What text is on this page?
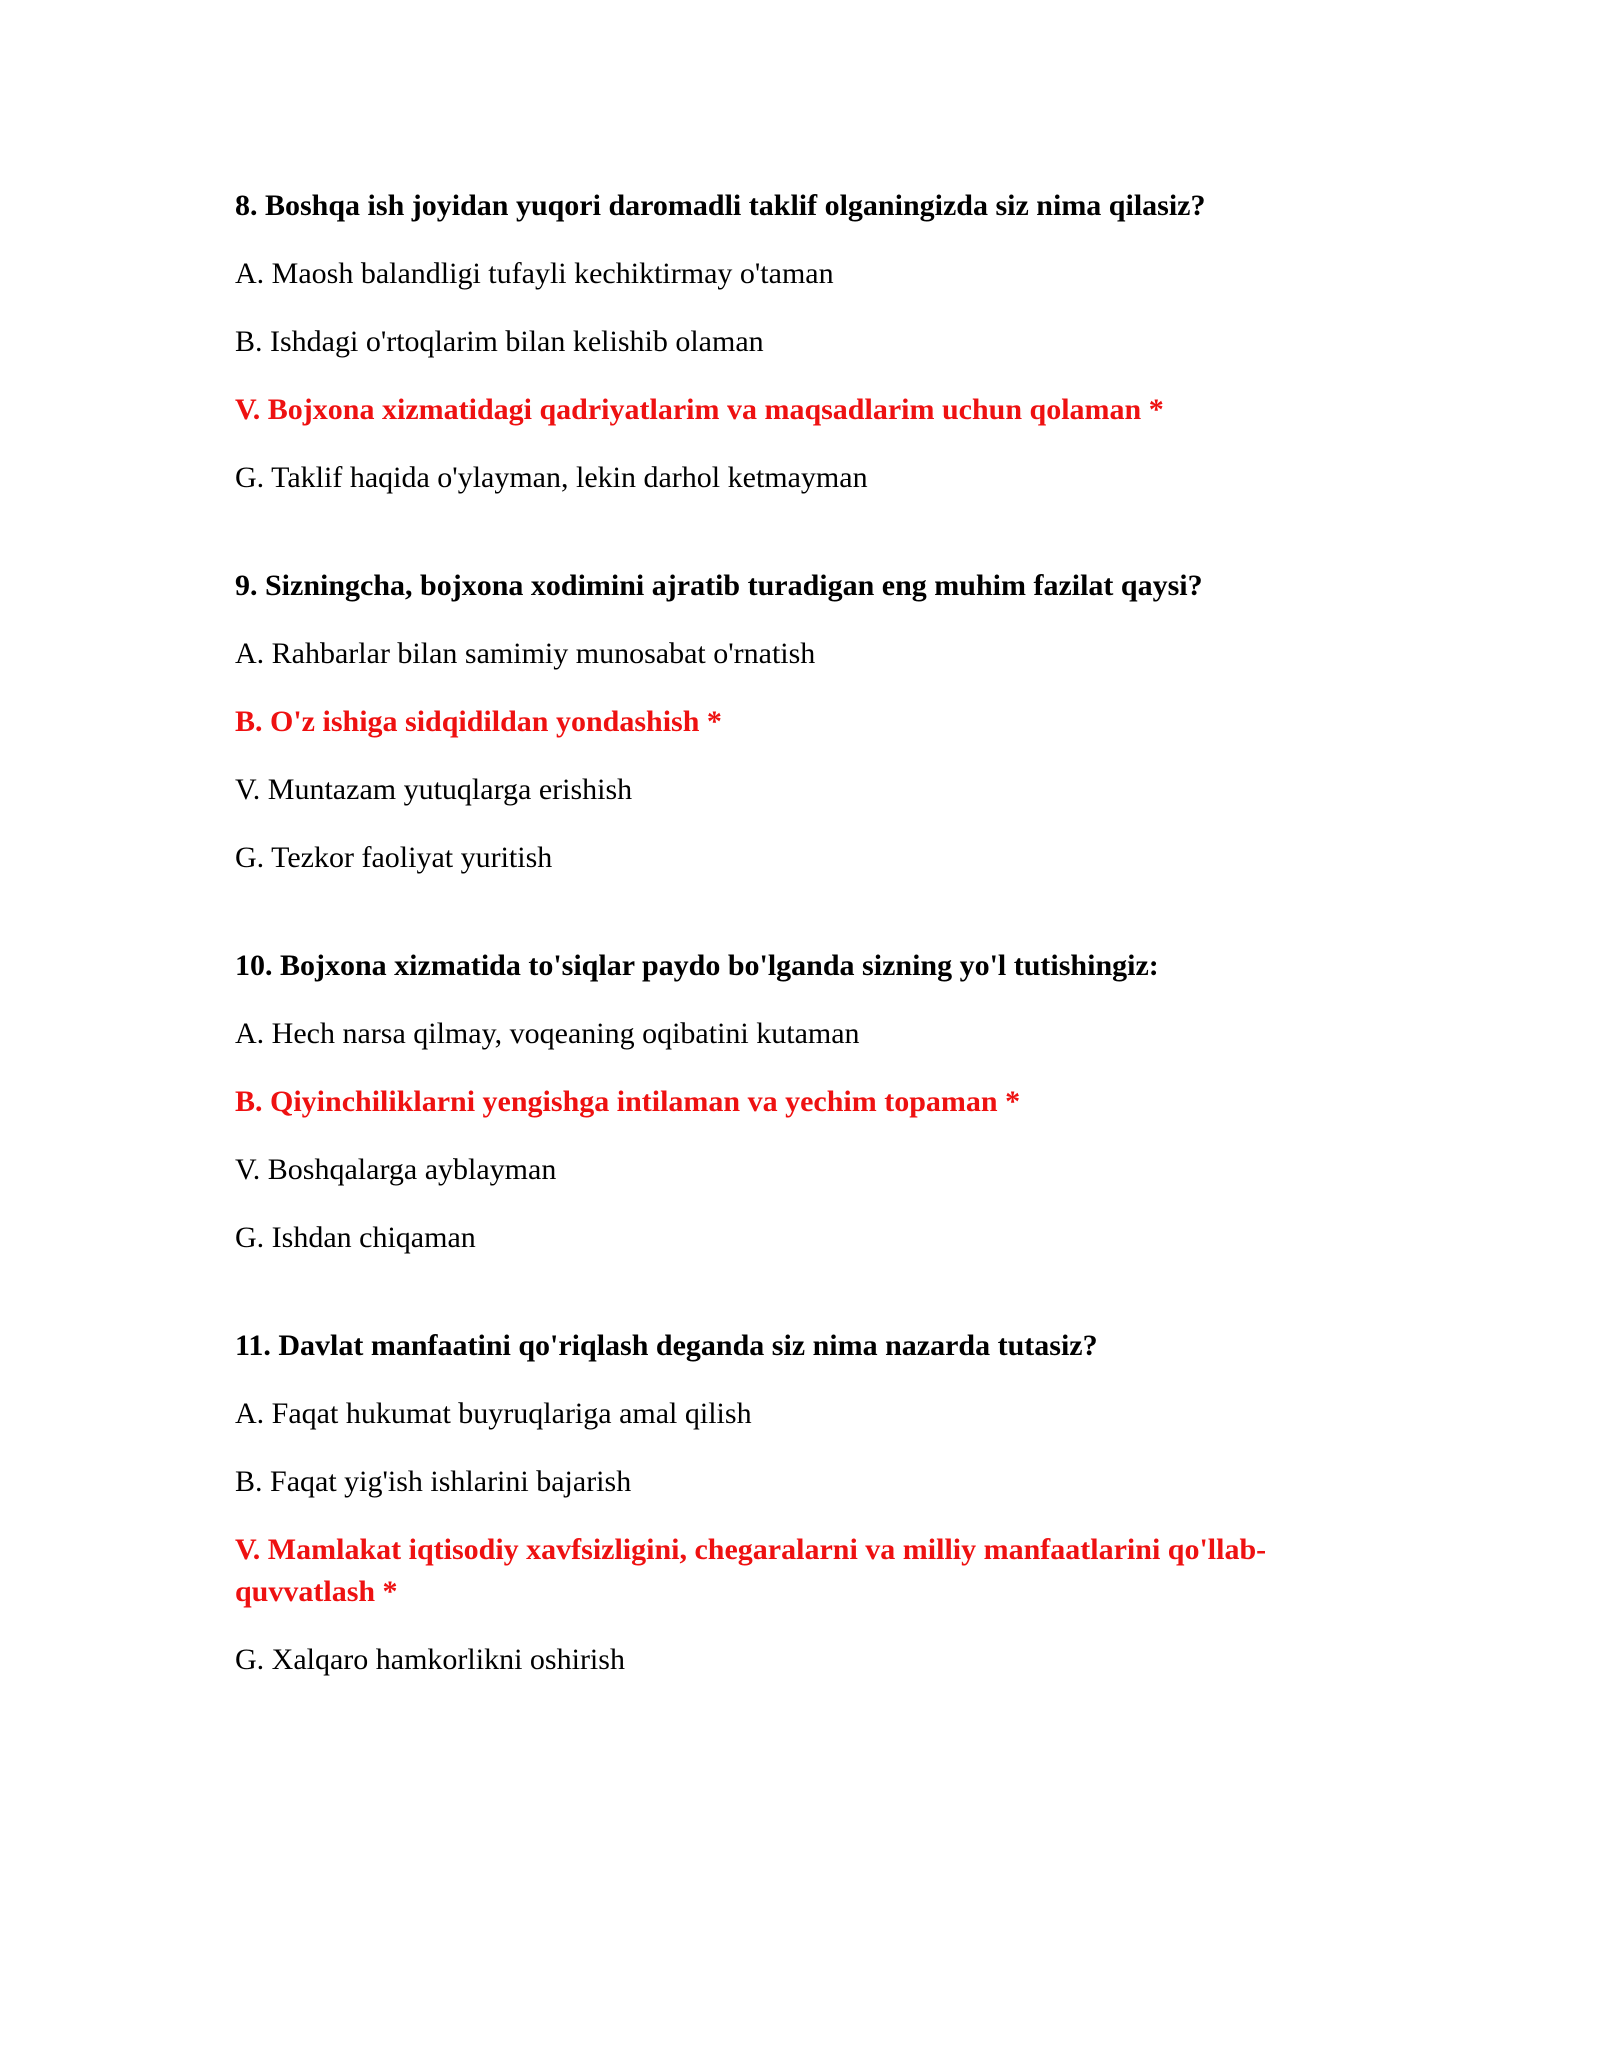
8. Boshqa ish joyidan yuqori daromadli taklif olganingizda siz nima qilasiz?

A. Maosh balandligi tufayli kechiktirmay o'taman

B. Ishdagi o'rtoqlarim bilan kelishib olaman

V. Bojxona xizmatidagi qadriyatlarim va maqsadlarim uchun qolaman *

G. Taklif haqida o'ylayman, lekin darhol ketmayman

9. Sizningcha, bojxona xodimini ajratib turadigan eng muhim fazilat qaysi?

A. Rahbarlar bilan samimiy munosabat o'rnatish

B. O'z ishiga sidqidildan yondashish *

V. Muntazam yutuqlarga erishish

G. Tezkor faoliyat yuritish

10. Bojxona xizmatida to'siqlar paydo bo'lganda sizning yo'l tutishingiz:

A. Hech narsa qilmay, voqeaning oqibatini kutaman

B. Qiyinchiliklarni yengishga intilaman va yechim topaman *

V. Boshqalarga ayblayman

G. Ishdan chiqaman

11. Davlat manfaatini qo'riqlash deganda siz nima nazarda tutasiz?

A. Faqat hukumat buyruqlariga amal qilish

B. Faqat yig'ish ishlarini bajarish

V. Mamlakat iqtisodiy xavfsizligini, chegaralarni va milliy manfaatlarini qo'llab-quvvatlash *

G. Xalqaro hamkorlikni oshirish
